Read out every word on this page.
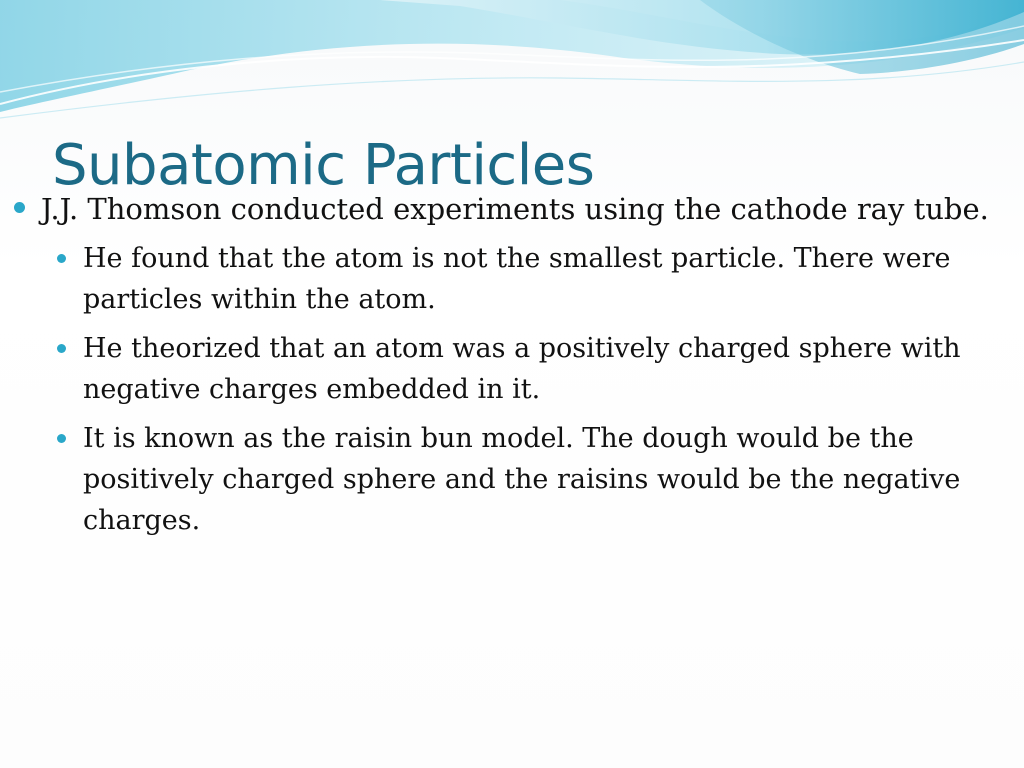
Subatomic Particles

J.J. Thomson conducted experiments using the cathode ray tube.

He found that the atom is not the smallest particle. There were particles within the atom.

He theorized that an atom was a positively charged sphere with negative charges embedded in it.

It is known as the raisin bun model. The dough would be the positively charged sphere and the raisins would be the negative charges.
